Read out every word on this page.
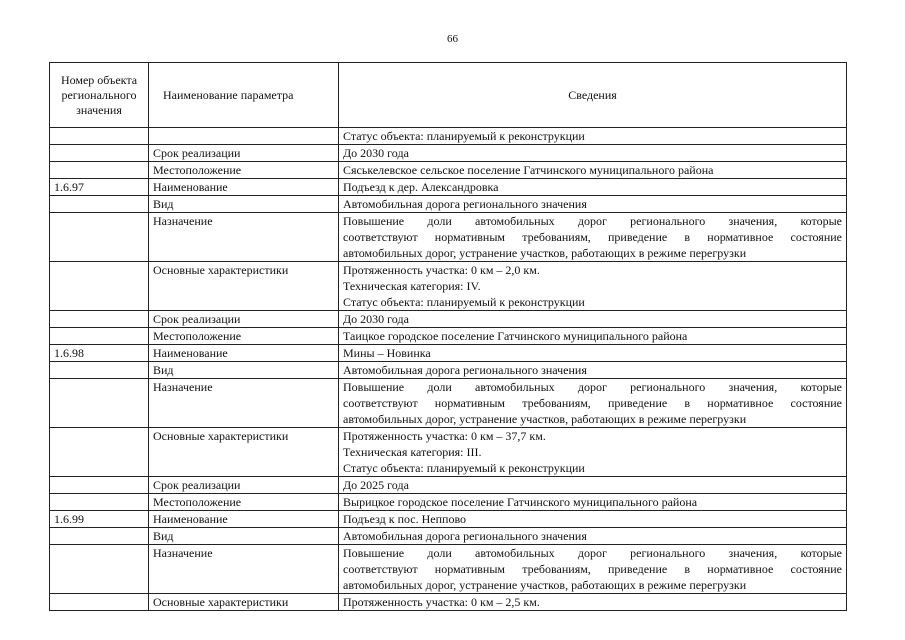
66
Номер объекта регионального значения	Наименование параметра	Сведения

		Статус объекта: планируемый к реконструкции

	Срок реализации	До 2030 года

	Местоположение	Сяськелевское сельское поселение Гатчинского муниципального района

1.6.97	Наименование	Подъезд к дер. Александровка

	Вид	Автомобильная дорога регионального значения

	Назначение	Повышение доли автомобильных дорог регионального значения, которые
соответствуют нормативным требованиям, приведение в нормативное состояние
автомобильных дорог, устранение участков, работающих в режиме перегрузки

	Основные характеристики	Протяженность участка: 0 км – 2,0 км.
Техническая категория: IV.
Статус объекта: планируемый к реконструкции

	Срок реализации	До 2030 года

	Местоположение	Таицкое городское поселение Гатчинского муниципального района

1.6.98	Наименование	Мины – Новинка

	Вид	Автомобильная дорога регионального значения

	Назначение	Повышение доли автомобильных дорог регионального значения, которые
соответствуют нормативным требованиям, приведение в нормативное состояние
автомобильных дорог, устранение участков, работающих в режиме перегрузки

	Основные характеристики	Протяженность участка: 0 км – 37,7 км.
Техническая категория: III.
Статус объекта: планируемый к реконструкции

	Срок реализации	До 2025 года

	Местоположение	Вырицкое городское поселение Гатчинского муниципального района

1.6.99	Наименование	Подъезд к пос. Неппово

	Вид	Автомобильная дорога регионального значения

	Назначение	Повышение доли автомобильных дорог регионального значения, которые
соответствуют нормативным требованиям, приведение в нормативное состояние
автомобильных дорог, устранение участков, работающих в режиме перегрузки

	Основные характеристики	Протяженность участка: 0 км – 2,5 км.
